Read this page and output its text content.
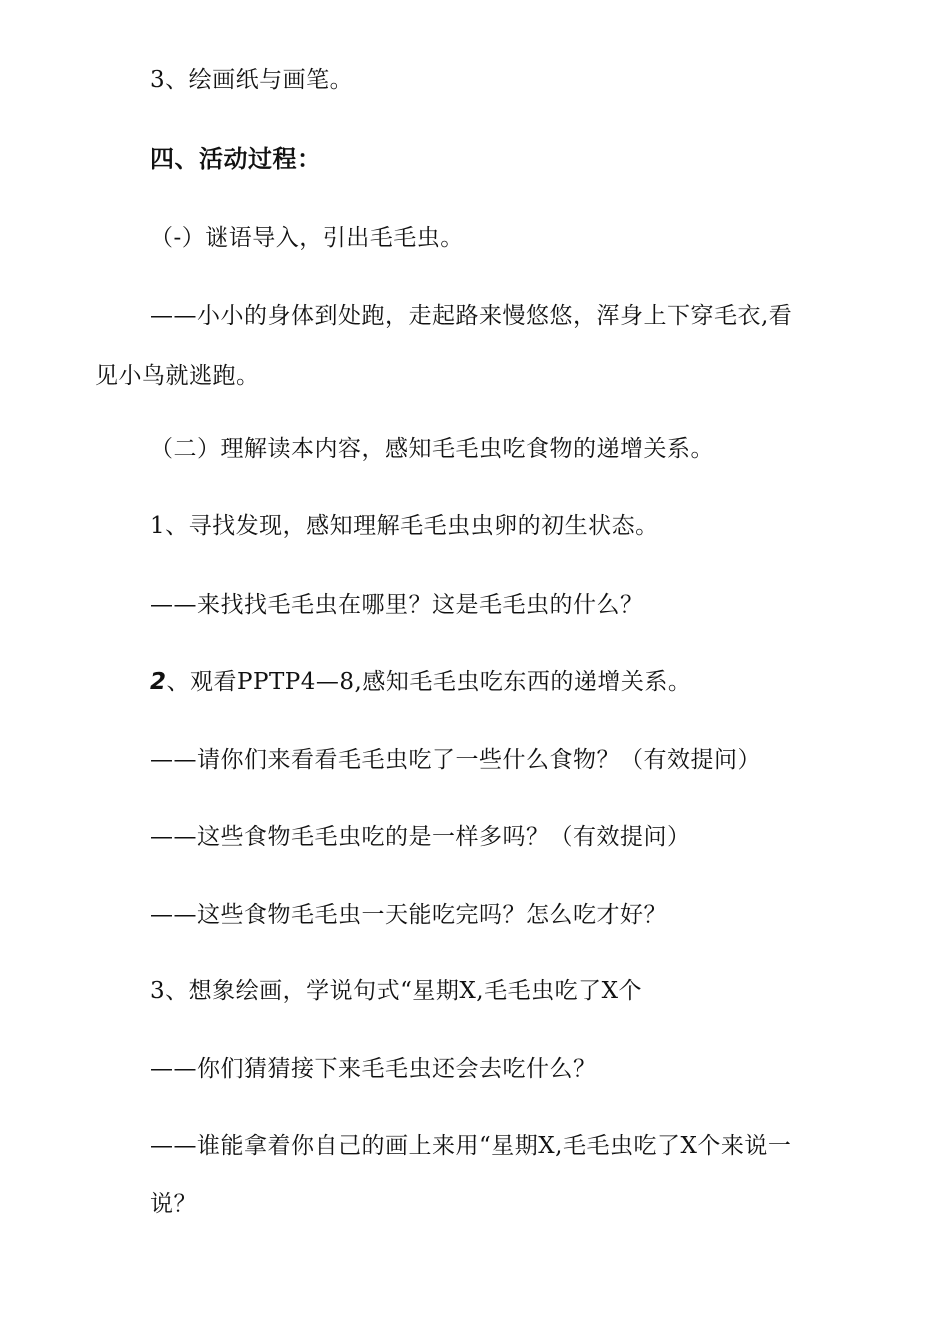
3、绘画纸与画笔。
四、活动过程：
（-）谜语导入，引出毛毛虫。
——小小的身体到处跑，走起路来慢悠悠，浑身上下穿毛衣,看
见小鸟就逃跑。
（二）理解读本内容，感知毛毛虫吃食物的递增关系。
1、寻找发现，感知理解毛毛虫虫卵的初生状态。
——来找找毛毛虫在哪里？这是毛毛虫的什么？
2、观看PPTP4—8,感知毛毛虫吃东西的递增关系。
——请你们来看看毛毛虫吃了一些什么食物？（有效提问）
——这些食物毛毛虫吃的是一样多吗？（有效提问）
——这些食物毛毛虫一天能吃完吗？怎么吃才好？
3、想象绘画，学说句式“星期X,毛毛虫吃了X个
——你们猜猜接下来毛毛虫还会去吃什么？
——谁能拿着你自己的画上来用“星期X,毛毛虫吃了X个来说一
说？
